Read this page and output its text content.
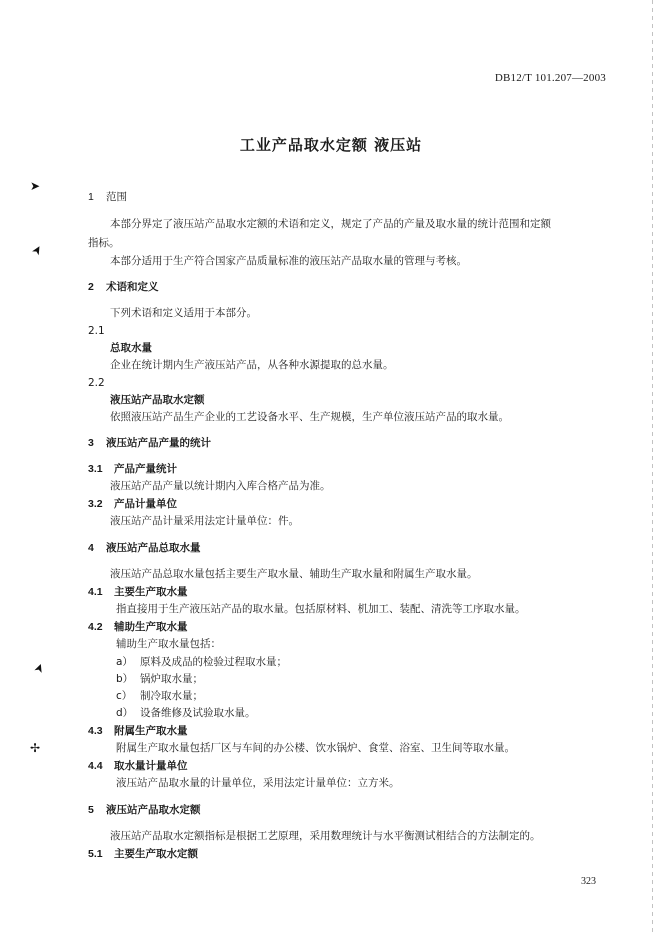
DB12/T 101.207—2003
工业产品取水定额 液压站
➤
➤
➤
✢
1 范围
本部分界定了液压站产品取水定额的术语和定义，规定了产品的产量及取水量的统计范围和定额
指标。
本部分适用于生产符合国家产品质量标准的液压站产品取水量的管理与考核。
2 术语和定义
下列术语和定义适用于本部分。
2.1
总取水量
企业在统计期内生产液压站产品，从各种水源提取的总水量。
2.2
液压站产品取水定额
依照液压站产品生产企业的工艺设备水平、生产规模，生产单位液压站产品的取水量。
3 液压站产品产量的统计
3.1 产品产量统计
液压站产品产量以统计期内入库合格产品为准。
3.2 产品计量单位
液压站产品计量采用法定计量单位：件。
4 液压站产品总取水量
液压站产品总取水量包括主要生产取水量、辅助生产取水量和附属生产取水量。
4.1 主要生产取水量
指直接用于生产液压站产品的取水量。包括原材料、机加工、装配、清洗等工序取水量。
4.2 辅助生产取水量
辅助生产取水量包括：
a） 原料及成品的检验过程取水量；
b） 锅炉取水量；
c） 制冷取水量；
d） 设备维修及试验取水量。
4.3 附属生产取水量
附属生产取水量包括厂区与车间的办公楼、饮水锅炉、食堂、浴室、卫生间等取水量。
4.4 取水量计量单位
液压站产品取水量的计量单位，采用法定计量单位：立方米。
5 液压站产品取水定额
液压站产品取水定额指标是根据工艺原理，采用数理统计与水平衡测试相结合的方法制定的。
5.1 主要生产取水定额
323
